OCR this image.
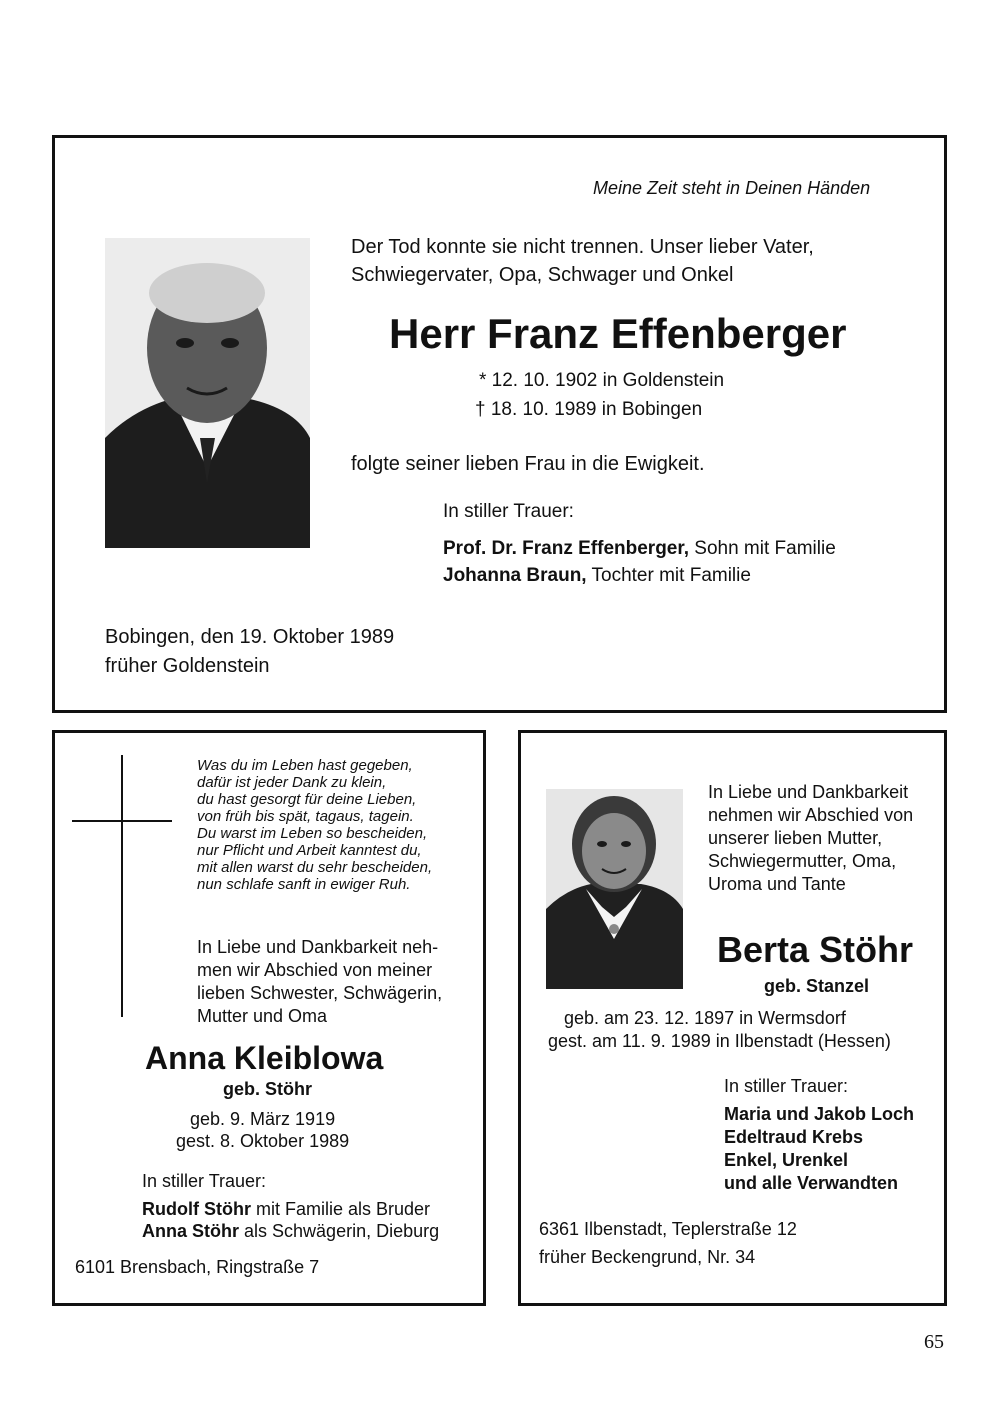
Meine Zeit steht in Deinen Händen
Der Tod konnte sie nicht trennen. Unser lieber Vater,
Schwiegervater, Opa, Schwager und Onkel
Herr Franz Effenberger
* 12. 10. 1902 in Goldenstein
† 18. 10. 1989 in Bobingen
folgte seiner lieben Frau in die Ewigkeit.
In stiller Trauer:
Prof. Dr. Franz Effenberger, Sohn mit Familie
Johanna Braun, Tochter mit Familie
Bobingen, den 19. Oktober 1989
früher Goldenstein
Was du im Leben hast gegeben,
dafür ist jeder Dank zu klein,
du hast gesorgt für deine Lieben,
von früh bis spät, tagaus, tagein.
Du warst im Leben so bescheiden,
nur Pflicht und Arbeit kanntest du,
mit allen warst du sehr bescheiden,
nun schlafe sanft in ewiger Ruh.
In Liebe und Dankbarkeit neh-
men wir Abschied von meiner
lieben Schwester, Schwägerin,
Mutter und Oma
Anna Kleiblowa
geb. Stöhr
geb. 9. März 1919
gest. 8. Oktober 1989
In stiller Trauer:
Rudolf Stöhr mit Familie als Bruder
Anna Stöhr als Schwägerin, Dieburg
6101 Brensbach, Ringstraße 7
In Liebe und Dankbarkeit
nehmen wir Abschied von
unserer lieben Mutter,
Schwiegermutter, Oma,
Uroma und Tante
Berta Stöhr
geb. Stanzel
geb. am 23. 12. 1897 in Wermsdorf
gest. am 11. 9. 1989 in Ilbenstadt (Hessen)
In stiller Trauer:
Maria und Jakob Loch
Edeltraud Krebs
Enkel, Urenkel
und alle Verwandten
6361 Ilbenstadt, Teplerstraße 12
früher Beckengrund, Nr. 34
65
